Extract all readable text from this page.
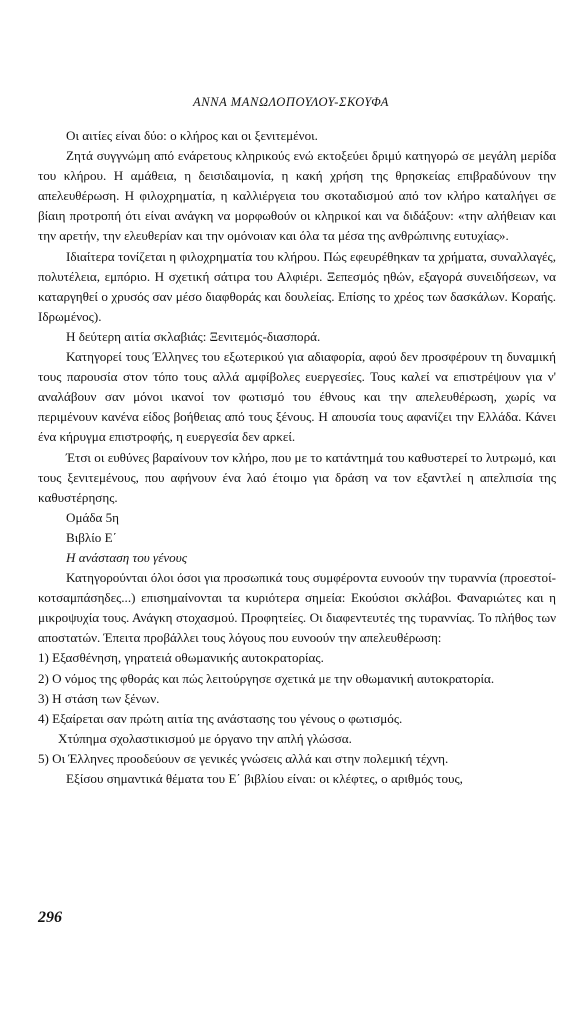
ΑΝΝΑ ΜΑΝΩΛΟΠΟΥΛΟΥ-ΣΚΟΥΦΑ

Οι αιτίες είναι δύο: ο κλήρος και οι ξενιτεμένοι.

Ζητά συγγνώμη από ενάρετους κληρικούς ενώ εκτοξεύει δριμύ κατηγορώ σε μεγάλη μερίδα του κλήρου. Η αμάθεια, η δεισιδαιμονία, η κακή χρήση της θρησκείας επιβραδύνουν την απελευθέρωση. Η φιλοχρηματία, η καλλιέργεια του σκοταδισμού από τον κλήρο καταλήγει σε βίαιη προτροπή ότι είναι ανάγκη να μορφωθούν οι κληρικοί και να διδάξουν: «την αλήθειαν και την αρετήν, την ελευθερίαν και την ομόνοιαν και όλα τα μέσα της ανθρώπινης ευτυχίας».

Ιδιαίτερα τονίζεται η φιλοχρηματία του κλήρου. Πώς εφευρέθηκαν τα χρήματα, συναλλαγές, πολυτέλεια, εμπόριο. Η σχετική σάτιρα του Αλφιέρι. Ξεπεσμός ηθών, εξαγορά συνειδήσεων, να καταργηθεί ο χρυσός σαν μέσο διαφθοράς και δουλείας. Επίσης το χρέος των δασκάλων. Κοραής. Ιδρωμένος).

Η δεύτερη αιτία σκλαβιάς: Ξενιτεμός-διασπορά.

Κατηγορεί τους Έλληνες του εξωτερικού για αδιαφορία, αφού δεν προσφέρουν τη δυναμική τους παρουσία στον τόπο τους αλλά αμφίβολες ευεργεσίες. Τους καλεί να επιστρέψουν για ν' αναλάβουν σαν μόνοι ικανοί τον φωτισμό του έθνους και την απελευθέρωση, χωρίς να περιμένουν κανένα είδος βοήθειας από τους ξένους. Η απουσία τους αφανίζει την Ελλάδα. Κάνει ένα κήρυγμα επιστροφής, η ευεργεσία δεν αρκεί.

Έτσι οι ευθύνες βαραίνουν τον κλήρο, που με το κατάντημά του καθυστερεί το λυτρωμό, και τους ξενιτεμένους, που αφήνουν ένα λαό έτοιμο για δράση να τον εξαντλεί η απελπισία της καθυστέρησης.

Ομάδα 5η

Βιβλίο Ε΄

Η ανάσταση του γένους

Κατηγορούνται όλοι όσοι για προσωπικά τους συμφέροντα ευνοούν την τυραννία (προεστοί-κοτσαμπάσηδες...) επισημαίνονται τα κυριότερα σημεία: Εκούσιοι σκλάβοι. Φαναριώτες και η μικροψυχία τους. Ανάγκη στοχασμού. Προφητείες. Οι διαφεντευτές της τυραννίας. Το πλήθος των αποστατών. Έπειτα προβάλλει τους λόγους που ευνοούν την απελευθέρωση:

1) Εξασθένηση, γηρατειά οθωμανικής αυτοκρατορίας.

2) Ο νόμος της φθοράς και πώς λειτούργησε σχετικά με την οθωμανική αυτοκρατορία.

3) Η στάση των ξένων.

4) Εξαίρεται σαν πρώτη αιτία της ανάστασης του γένους ο φωτισμός.

Χτύπημα σχολαστικισμού με όργανο την απλή γλώσσα.

5) Οι Έλληνες προοδεύουν σε γενικές γνώσεις αλλά και στην πολεμική τέχνη.

Εξίσου σημαντικά θέματα του Ε΄ βιβλίου είναι: οι κλέφτες, ο αριθμός τους,

296
